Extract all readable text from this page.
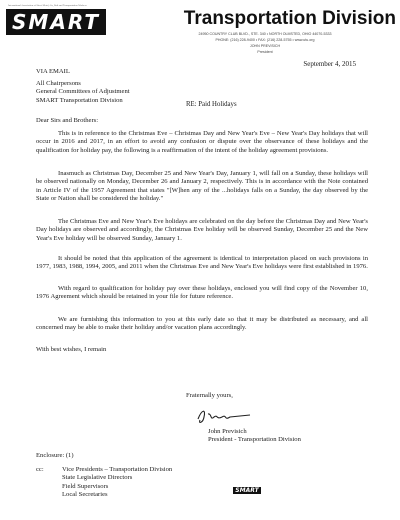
International Association of Sheet Metal, Air, Rail and Transportation Workers
SMART	Transportation Division
24950 COUNTRY CLUB BLVD., STE. 340 • NORTH OLMSTED, OHIO 44070-5333
PHONE: (216) 228-9400 • FAX: (216) 228-5755 • www.utu.org
JOHN PREVISICH
President
September 4, 2015
VIA EMAIL
All Chairpersons
General Committees of Adjustment
SMART Transportation Division
RE: Paid Holidays
Dear Sirs and Brothers:

This is in reference to the Christmas Eve – Christmas Day and New Year's Eve – New Year's Day holidays that will occur in 2016 and 2017, in an effort to avoid any confusion or dispute over the observance of these holidays and the qualification for holiday pay, the following is a reaffirmation of the intent of the holiday agreement provisions.

Inasmuch as Christmas Day, December 25 and New Year's Day, January 1, will fall on a Sunday, these holidays will be observed nationally on Monday, December 26 and January 2, respectively. This is in accordance with the Note contained in Article IV of the 1957 Agreement that states "[W]hen any of the ...holidays falls on a Sunday, the day observed by the State or Nation shall be considered the holiday."

The Christmas Eve and New Year's Eve holidays are celebrated on the day before the Christmas Day and New Year's Day holidays are observed and accordingly, the Christmas Eve holiday will be observed Sunday, December 25 and the New Year's Eve holiday will be observed Sunday, January 1.

It should be noted that this application of the agreement is identical to interpretation placed on such provisions in 1977, 1983, 1988, 1994, 2005, and 2011 when the Christmas Eve and New Year's Eve holidays were first established in 1976.

With regard to qualification for holiday pay over these holidays, enclosed you will find copy of the November 10, 1976 Agreement which should be retained in your file for future reference.

We are furnishing this information to you at this early date so that it may be distributed as necessary, and all concerned may be able to make their holiday and/or vacation plans accordingly.

With best wishes, I remain
Fraternally yours,
John Previsich
President - Transportation Division
Enclosure: (1)
cc:	Vice Presidents – Transportation Division
State Legislative Directors
Field Supervisors
Local Secretaries
SMART
